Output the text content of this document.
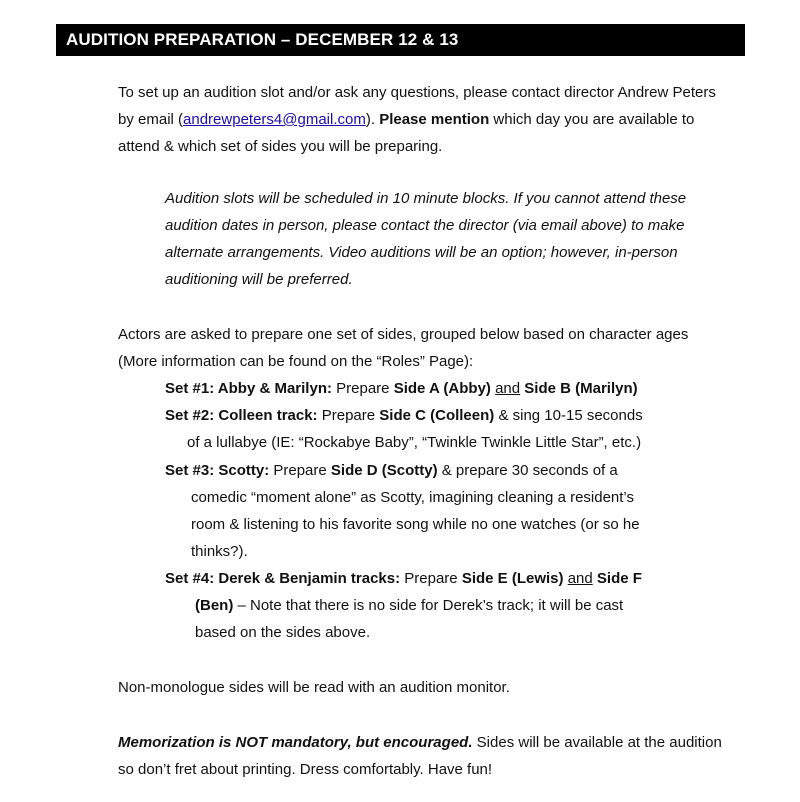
AUDITION PREPARATION – DECEMBER 12 & 13

To set up an audition slot and/or ask any questions, please contact director Andrew Peters by email (andrewpeters4@gmail.com). Please mention which day you are available to attend & which set of sides you will be preparing.

Audition slots will be scheduled in 10 minute blocks. If you cannot attend these audition dates in person, please contact the director (via email above) to make alternate arrangements. Video auditions will be an option; however, in-person auditioning will be preferred.

Actors are asked to prepare one set of sides, grouped below based on character ages (More information can be found on the “Roles” Page):

Set #1: Abby & Marilyn: Prepare Side A (Abby) and Side B (Marilyn)

Set #2: Colleen track: Prepare Side C (Colleen) & sing 10-15 seconds

of a lullabye (IE: “Rockabye Baby”, “Twinkle Twinkle Little Star”, etc.)

Set #3: Scotty: Prepare Side D (Scotty) & prepare 30 seconds of a

comedic “moment alone” as Scotty, imagining cleaning a resident’s

room & listening to his favorite song while no one watches (or so he

thinks?).

Set #4: Derek & Benjamin tracks: Prepare Side E (Lewis) and Side F

(Ben) – Note that there is no side for Derek’s track; it will be cast

based on the sides above.

Non-monologue sides will be read with an audition monitor.

Memorization is NOT mandatory, but encouraged. Sides will be available at the audition so don’t fret about printing. Dress comfortably. Have fun!
